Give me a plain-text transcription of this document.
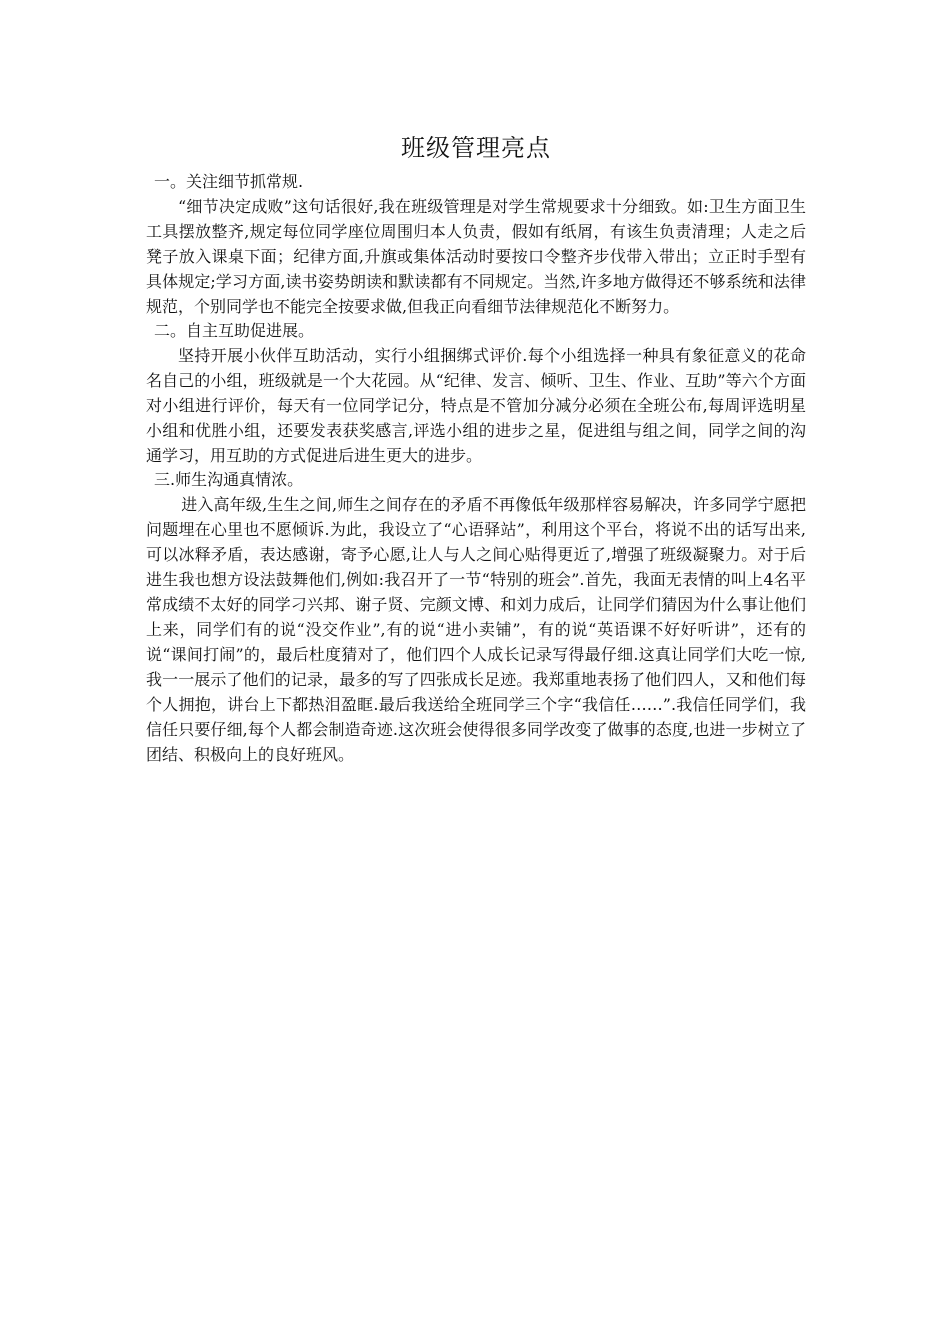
班级管理亮点
一。关注细节抓常规.

“细节决定成败”这句话很好,我在班级管理是对学生常规要求十分细致。如:卫生方面卫生工具摆放整齐,规定每位同学座位周围归本人负责，假如有纸屑，有该生负责清理；人走之后凳子放入课桌下面；纪律方面,升旗或集体活动时要按口令整齐步伐带入带出；立正时手型有具体规定;学习方面,读书姿势朗读和默读都有不同规定。当然,许多地方做得还不够系统和法律规范，个别同学也不能完全按要求做,但我正向看细节法律规范化不断努力。

二。自主互助促进展。

坚持开展小伙伴互助活动，实行小组捆绑式评价.每个小组选择一种具有象征意义的花命名自己的小组，班级就是一个大花园。从“纪律、发言、倾听、卫生、作业、互助”等六个方面对小组进行评价，每天有一位同学记分，特点是不管加分减分必须在全班公布,每周评选明星小组和优胜小组，还要发表获奖感言,评选小组的进步之星，促进组与组之间，同学之间的沟通学习，用互助的方式促进后进生更大的进步。

三.师生沟通真情浓。

进入高年级,生生之间,师生之间存在的矛盾不再像低年级那样容易解决，许多同学宁愿把问题埋在心里也不愿倾诉.为此，我设立了“心语驿站”，利用这个平台，将说不出的话写出来,可以冰释矛盾，表达感谢，寄予心愿,让人与人之间心贴得更近了,增强了班级凝聚力。对于后进生我也想方设法鼓舞他们,例如:我召开了一节“特别的班会”.首先，我面无表情的叫上4名平常成绩不太好的同学刁兴邦、谢子贤、完颜文博、和刘力成后，让同学们猜因为什么事让他们上来，同学们有的说“没交作业”,有的说“进小卖铺”，有的说“英语课不好好听讲”，还有的说“课间打闹”的，最后杜度猜对了，他们四个人成长记录写得最仔细.这真让同学们大吃一惊,我一一展示了他们的记录，最多的写了四张成长足迹。我郑重地表扬了他们四人，又和他们每个人拥抱，讲台上下都热泪盈眶.最后我送给全班同学三个字“我信任……”.我信任同学们，我信任只要仔细,每个人都会制造奇迹.这次班会使得很多同学改变了做事的态度,也进一步树立了团结、积极向上的良好班风。
